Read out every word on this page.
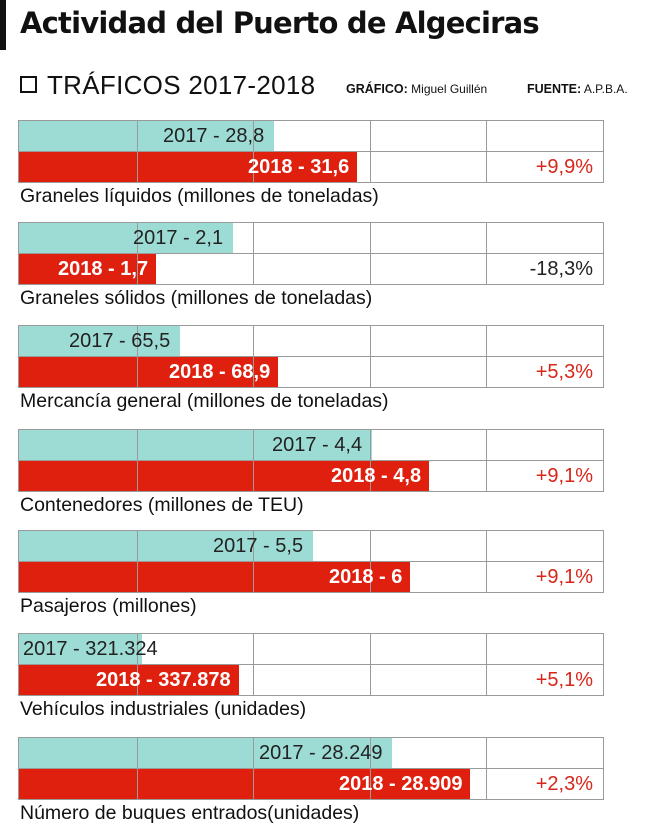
Actividad del Puerto de Algeciras
TRÁFICOS 2017-2018 GRÁFICO: Miguel Guillén	FUENTE: A.P.B.A.
2017 - 28,8
2018 - 31,6	+9,9%
Graneles líquidos (millones de toneladas)
2017 - 2,1
2018 - 1,7	-18,3%
Graneles sólidos (millones de toneladas)
2017 - 65,5
2018 - 68,9	+5,3%
Mercancía general (millones de toneladas)
2017 - 4,4
2018 - 4,8	+9,1%
Contenedores (millones de TEU)
2017 - 5,5
2018 - 6	+9,1%
Pasajeros (millones)
2017 - 321.324
2018 - 337.878	+5,1%
Vehículos industriales (unidades)
2017 - 28.249
2018 - 28.909	+2,3%
Número de buques entrados(unidades)
